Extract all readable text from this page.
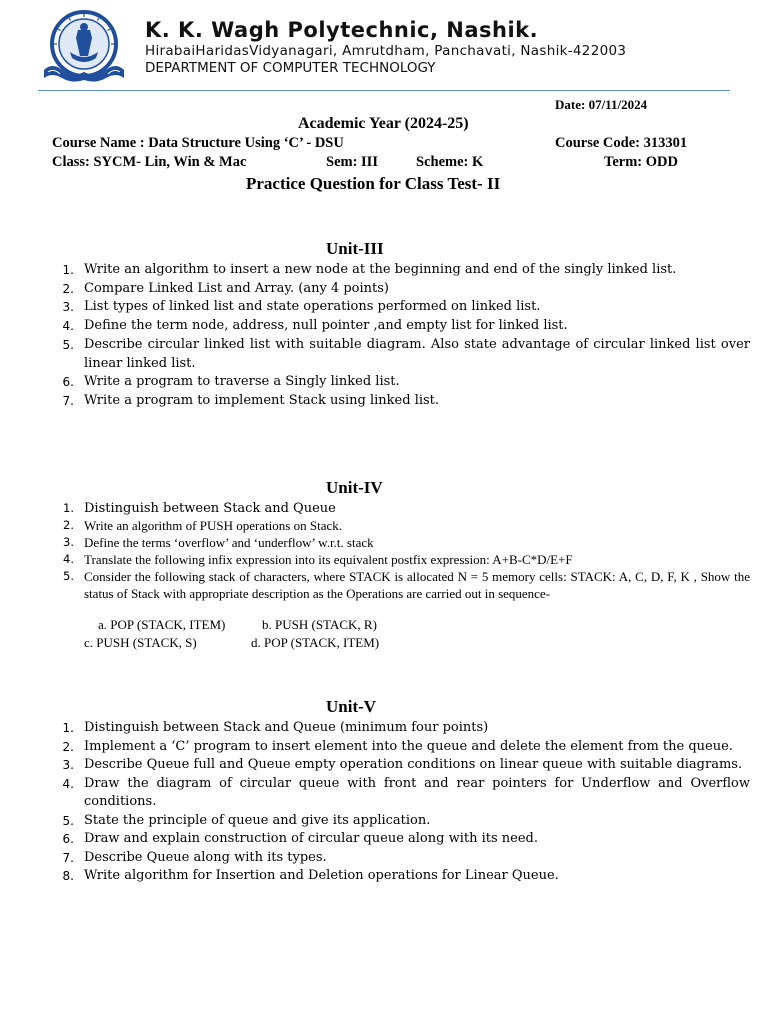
K. K. Wagh Polytechnic, Nashik.
HirabaiHaridasVidyanagari, Amrutdham, Panchavati, Nashik-422003
DEPARTMENT OF COMPUTER TECHNOLOGY
Date: 07/11/2024
Academic Year (2024-25)
Course Name : Data Structure Using ‘C’ - DSU	Course Code: 313301
Class: SYCM- Lin, Win & Mac	Sem: III	Scheme: K	Term: ODD
Practice Question for Class Test- II
Unit-III
1. Write an algorithm to insert a new node at the beginning and end of the singly linked list.
2. Compare Linked List and Array. (any 4 points)
3. List types of linked list and state operations performed on linked list.
4. Define the term node, address, null pointer ,and empty list for linked list.
5. Describe circular linked list with suitable diagram. Also state advantage of circular linked list over linear linked list.
6. Write a program to traverse a Singly linked list.
7. Write a program to implement Stack using linked list.
Unit-IV
1. Distinguish between Stack and Queue
2. Write an algorithm of PUSH operations on Stack.
3. Define the terms ‘overflow’ and ‘underflow’ w.r.t. stack
4. Translate the following infix expression into its equivalent postfix expression: A+B-C*D/E+F
5. Consider the following stack of characters, where STACK is allocated N = 5 memory cells: STACK: A, C, D, F, K , Show the status of Stack with appropriate description as the Operations are carried out in sequence-
a. POP (STACK, ITEM)	b. PUSH (STACK, R)
c. PUSH (STACK, S)	d. POP (STACK, ITEM)
Unit-V
1. Distinguish between Stack and Queue (minimum four points)
2. Implement a ‘C’ program to insert element into the queue and delete the element from the queue.
3. Describe Queue full and Queue empty operation conditions on linear queue with suitable diagrams.
4. Draw the diagram of circular queue with front and rear pointers for Underflow and Overflow conditions.
5. State the principle of queue and give its application.
6. Draw and explain construction of circular queue along with its need.
7. Describe Queue along with its types.
8. Write algorithm for Insertion and Deletion operations for Linear Queue.
